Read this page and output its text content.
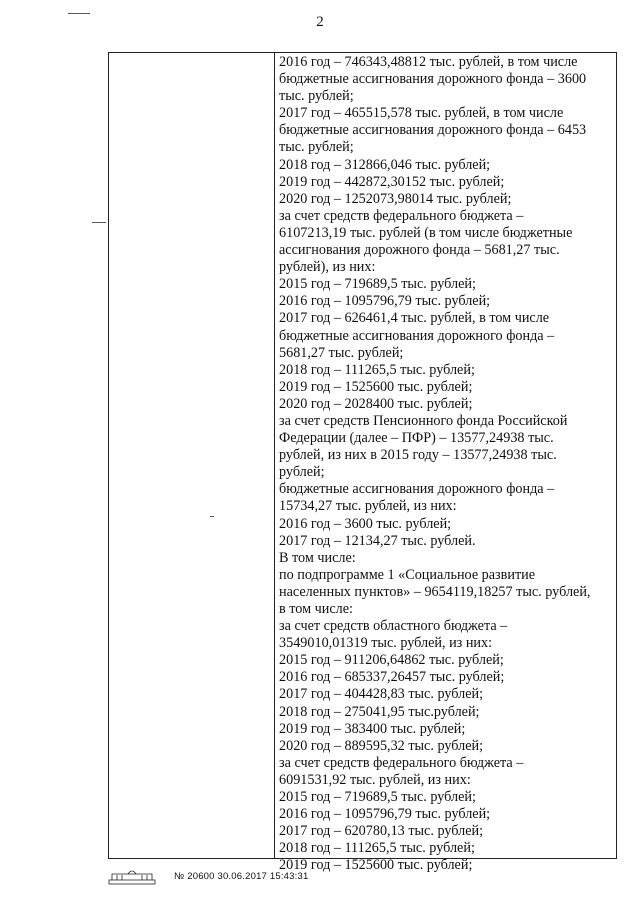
2
2016 год – 746343,48812 тыс. рублей, в том числе
бюджетные ассигнования дорожного фонда – 3600
тыс. рублей;
2017 год – 465515,578 тыс. рублей, в том числе
бюджетные ассигнования дорожного фонда – 6453
тыс. рублей;
2018 год – 312866,046 тыс. рублей;
2019 год – 442872,30152 тыс. рублей;
2020 год – 1252073,98014 тыс. рублей;
за счет средств федерального бюджета –
6107213,19 тыс. рублей (в том числе бюджетные
ассигнования дорожного фонда – 5681,27 тыс.
рублей), из них:
2015 год – 719689,5 тыс. рублей;
2016 год – 1095796,79 тыс. рублей;
2017 год – 626461,4 тыс. рублей, в том числе
бюджетные ассигнования дорожного фонда –
5681,27 тыс. рублей;
2018 год – 111265,5 тыс. рублей;
2019 год – 1525600 тыс. рублей;
2020 год – 2028400 тыс. рублей;
за счет средств Пенсионного фонда Российской
Федерации (далее – ПФР) – 13577,24938 тыс.
рублей, из них в 2015 году – 13577,24938 тыс.
рублей;
бюджетные ассигнования дорожного фонда –
15734,27 тыс. рублей, из них:
2016 год – 3600 тыс. рублей;
2017 год – 12134,27 тыс. рублей.
В том числе:
по подпрограмме 1 «Социальное развитие
населенных пунктов» – 9654119,18257 тыс. рублей,
в том числе:
за счет средств областного бюджета –
3549010,01319 тыс. рублей, из них:
2015 год – 911206,64862 тыс. рублей;
2016 год – 685337,26457 тыс. рублей;
2017 год – 404428,83 тыс. рублей;
2018 год – 275041,95 тыс.рублей;
2019 год – 383400 тыс. рублей;
2020 год – 889595,32 тыс. рублей;
за счет средств федерального бюджета –
6091531,92 тыс. рублей, из них:
2015 год – 719689,5 тыс. рублей;
2016 год – 1095796,79 тыс. рублей;
2017 год – 620780,13 тыс. рублей;
2018 год – 111265,5 тыс. рублей;
2019 год – 1525600 тыс. рублей;
№ 20600 30.06.2017 15:43:31
